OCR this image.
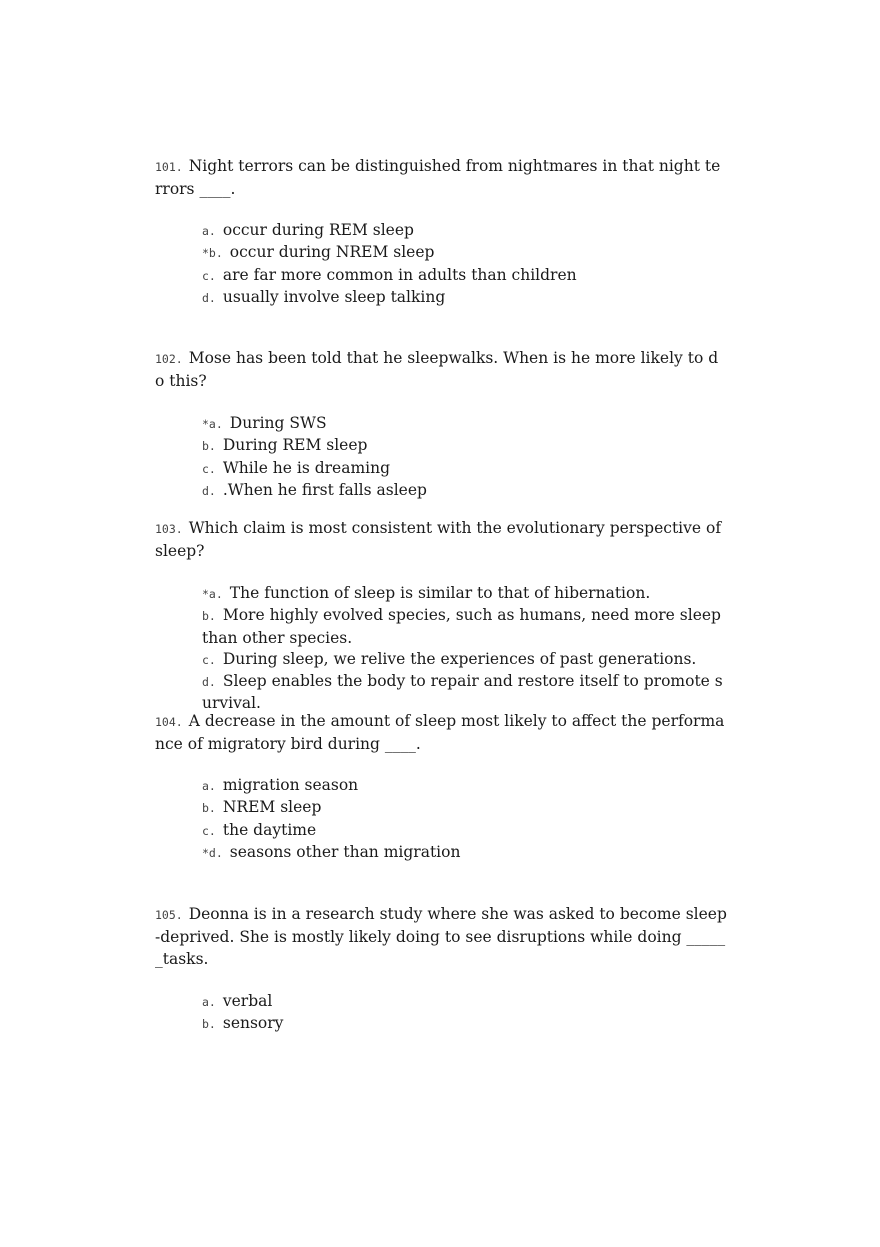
101. Night terrors can be distinguished from nightmares in that night terrors ____.

a. occur during REM sleep
*b. occur during NREM sleep
c. are far more common in adults than children
d. usually involve sleep talking

102. Mose has been told that he sleepwalks. When is he more likely to do this?

*a. During SWS
b. During REM sleep
c. While he is dreaming
d. .When he first falls asleep

103. Which claim is most consistent with the evolutionary perspective of sleep?

*a. The function of sleep is similar to that of hibernation.
b. More highly evolved species, such as humans, need more sleep than other species.
c. During sleep, we relive the experiences of past generations.
d. Sleep enables the body to repair and restore itself to promote survival.

104. A decrease in the amount of sleep most likely to affect the performance of migratory bird during ____.

a. migration season
b. NREM sleep
c. the daytime
*d. seasons other than migration

105. Deonna is in a research study where she was asked to become sleep-deprived. She is mostly likely doing to see disruptions while doing ______tasks.

a. verbal
b. sensory
